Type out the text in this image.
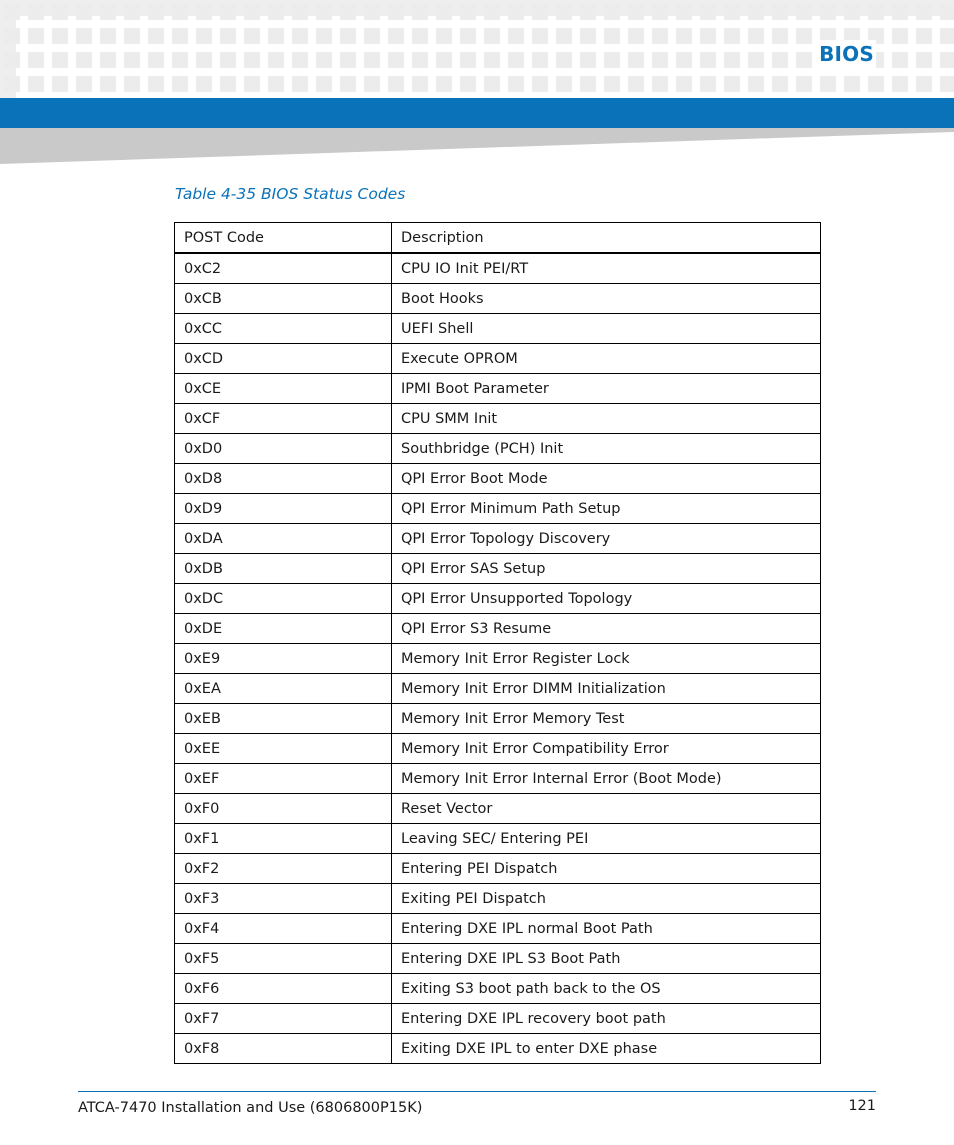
BIOS
Table 4-35 BIOS Status Codes
POST Code	Description
0xC2	CPU IO Init PEI/RT
0xCB	Boot Hooks
0xCC	UEFI Shell
0xCD	Execute OPROM
0xCE	IPMI Boot Parameter
0xCF	CPU SMM Init
0xD0	Southbridge (PCH) Init
0xD8	QPI Error Boot Mode
0xD9	QPI Error Minimum Path Setup
0xDA	QPI Error Topology Discovery
0xDB	QPI Error SAS Setup
0xDC	QPI Error Unsupported Topology
0xDE	QPI Error S3 Resume
0xE9	Memory Init Error Register Lock
0xEA	Memory Init Error DIMM Initialization
0xEB	Memory Init Error Memory Test
0xEE	Memory Init Error Compatibility Error
0xEF	Memory Init Error Internal Error (Boot Mode)
0xF0	Reset Vector
0xF1	Leaving SEC/ Entering PEI
0xF2	Entering PEI Dispatch
0xF3	Exiting PEI Dispatch
0xF4	Entering DXE IPL normal Boot Path
0xF5	Entering DXE IPL S3 Boot Path
0xF6	Exiting S3 boot path back to the OS
0xF7	Entering DXE IPL recovery boot path
0xF8	Exiting DXE IPL to enter DXE phase
ATCA-7470 Installation and Use (6806800P15K)	121
